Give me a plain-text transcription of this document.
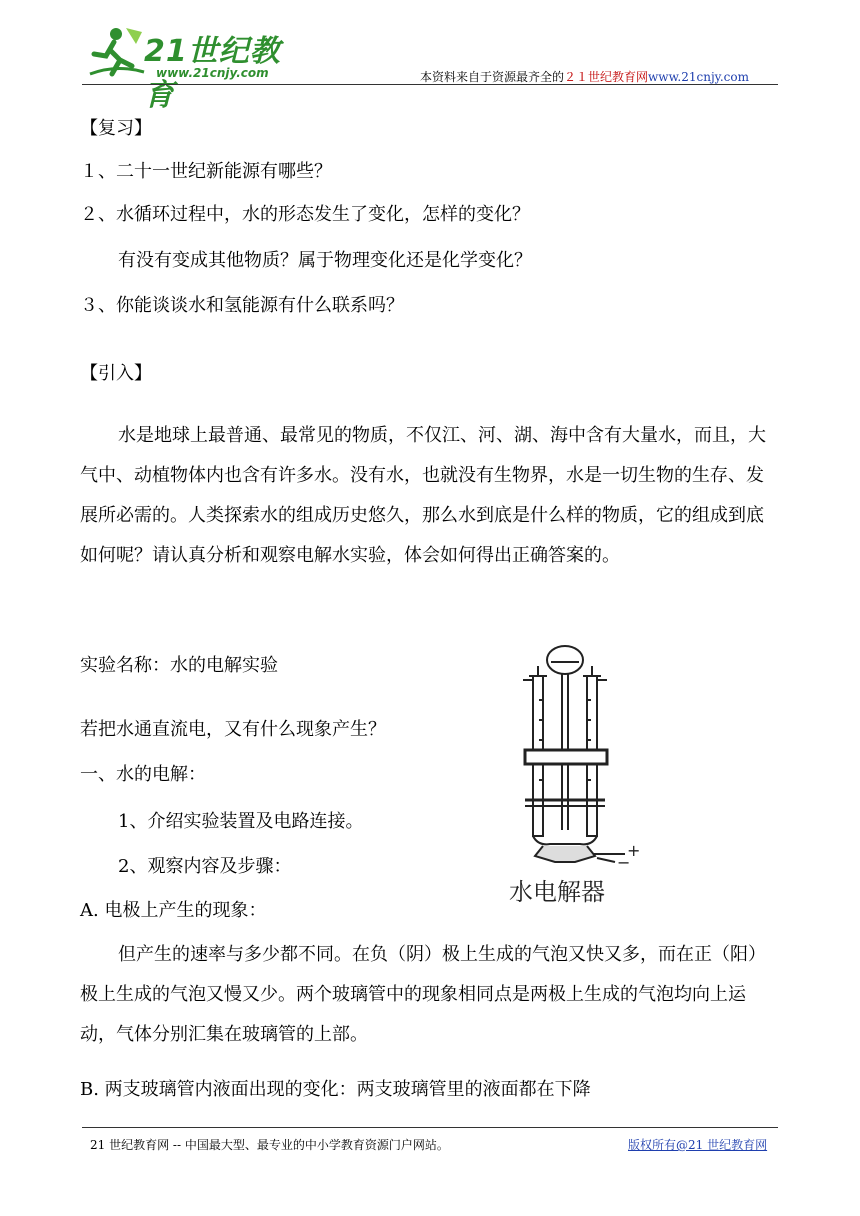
21世纪教育
www.21cnjy.com	本资料来自于资源最齐全的２１世纪教育网www.21cnjy.com
【复习】
１、二十一世纪新能源有哪些？
２、水循环过程中，水的形态发生了变化，怎样的变化？
有没有变成其他物质？属于物理变化还是化学变化？
３、你能谈谈水和氢能源有什么联系吗？
【引入】
水是地球上最普通、最常见的物质，不仅江、河、湖、海中含有大量水，而且，大气中、动植物体内也含有许多水。没有水，也就没有生物界，水是一切生物的生存、发展所必需的。人类探索水的组成历史悠久，那么水到底是什么样的物质，它的组成到底如何呢？请认真分析和观察电解水实验，体会如何得出正确答案的。
实验名称：水的电解实验
若把水通直流电，又有什么现象产生？
一、水的电解：
1、介绍实验装置及电路连接。
2、观察内容及步骤：
A. 电极上产生的现象：
但产生的速率与多少都不同。在负（阴）极上生成的气泡又快又多，而在正（阳）极上生成的气泡又慢又少。两个玻璃管中的现象相同点是两极上生成的气泡均向上运动，气体分别汇集在玻璃管的上部。
B. 两支玻璃管内液面出现的变化：两支玻璃管里的液面都在下降
−
+
水电解器
21 世纪教育网 -- 中国最大型、最专业的中小学教育资源门户网站。	版权所有@21 世纪教育网
